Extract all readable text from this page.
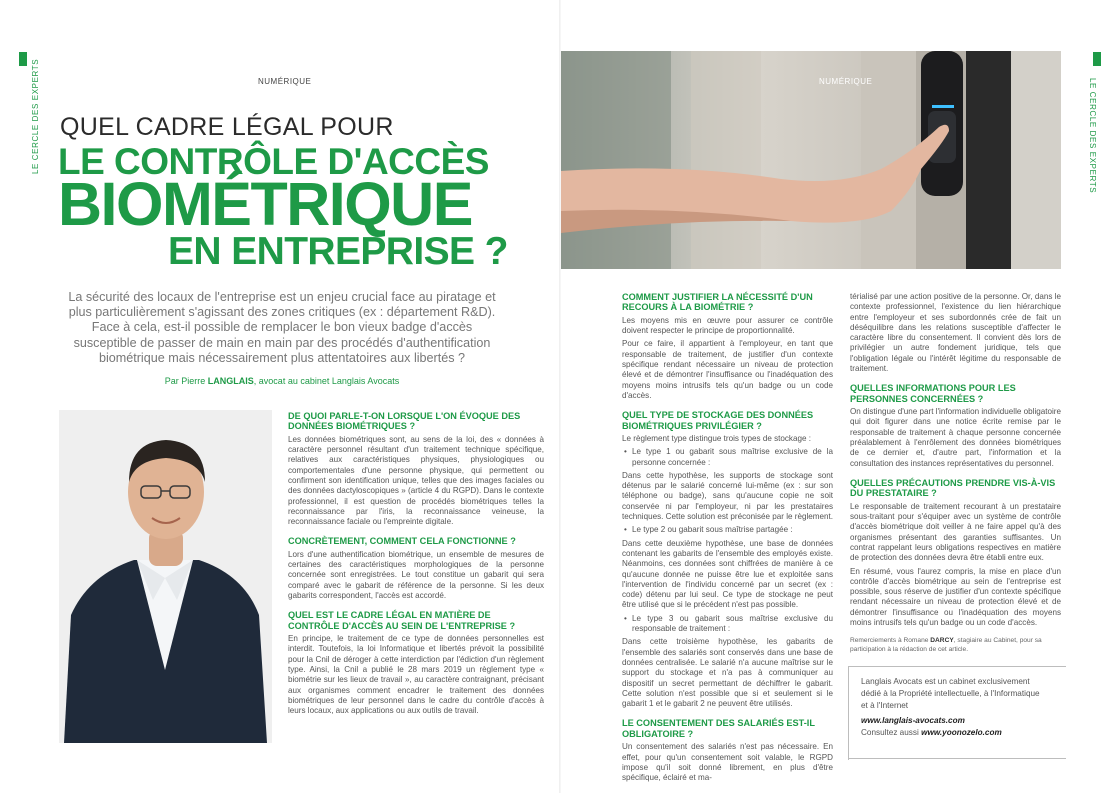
LE CERCLE DES EXPERTS	NUMÉRIQUE	LE CERCLE DES EXPERTS
QUEL CADRE LÉGAL POUR
LE CONTRÔLE D'ACCÈS
BIOMÉTRIQUE
EN ENTREPRISE ?
La sécurité des locaux de l'entreprise est un enjeu crucial face au piratage et plus particulièrement s'agissant des zones critiques (ex : département R&D).
Face à cela, est-il possible de remplacer le bon vieux badge d'accès susceptible de passer de main en main par des procédés d'authentification biométrique mais nécessairement plus attentatoires aux libertés ?
Par Pierre LANGLAIS, avocat au cabinet Langlais Avocats
NUMÉRIQUE
DE QUOI PARLE-T-ON LORSQUE L'ON ÉVOQUE DES DONNÉES BIOMÉTRIQUES ?

Les données biométriques sont, au sens de la loi, des « données à caractère personnel résultant d'un traitement technique spécifique, relatives aux caractéristiques physiques, physiologiques ou comportementales d'une personne physique, qui permettent ou confirment son identification unique, telles que des images faciales ou des données dactyloscopiques » (article 4 du RGPD). Dans le contexte professionnel, il est question de procédés biométriques telles la reconnaissance par l'iris, la reconnaissance veineuse, la reconnaissance faciale ou l'empreinte digitale.

CONCRÈTEMENT, COMMENT CELA FONCTIONNE ?

Lors d'une authentification biométrique, un ensemble de mesures de certaines des caractéristiques morphologiques de la personne concernée sont enregistrées. Le tout constitue un gabarit qui sera comparé avec le gabarit de référence de la personne. Si les deux gabarits correspondent, l'accès est accordé.

QUEL EST LE CADRE LÉGAL EN MATIÈRE DE CONTRÔLE D'ACCÈS AU SEIN DE L'ENTREPRISE ?

En principe, le traitement de ce type de données personnelles est interdit. Toutefois, la loi Informatique et libertés prévoit la possibilité pour la Cnil de déroger à cette interdiction par l'édiction d'un règlement type. Ainsi, la Cnil a publié le 28 mars 2019 un règlement type « biométrie sur les lieux de travail », au caractère contraignant, précisant aux organismes comment encadrer le traitement des données biométriques de leur personnel dans le cadre du contrôle d'accès à leurs locaux, aux applications ou aux outils de travail.

COMMENT JUSTIFIER LA NÉCESSITÉ D'UN RECOURS À LA BIOMÉTRIE ?

Les moyens mis en œuvre pour assurer ce contrôle doivent respecter le principe de proportionnalité.

Pour ce faire, il appartient à l'employeur, en tant que responsable de traitement, de justifier d'un contexte spécifique rendant nécessaire un niveau de protection élevé et de démontrer l'insuffisance ou l'inadéquation des moyens moins intrusifs tels qu'un badge ou un code d'accès.

QUEL TYPE DE STOCKAGE DES DONNÉES BIOMÉTRIQUES PRIVILÉGIER ?

Le règlement type distingue trois types de stockage :

• Le type 1 ou gabarit sous maîtrise exclusive de la personne concernée :

Dans cette hypothèse, les supports de stockage sont détenus par le salarié concerné lui-même (ex : sur son téléphone ou badge), sans qu'aucune copie ne soit conservée ni par l'employeur, ni par les prestataires techniques. Cette solution est préconisée par le règlement.

• Le type 2 ou gabarit sous maîtrise partagée :

Dans cette deuxième hypothèse, une base de données contenant les gabarits de l'ensemble des employés existe. Néanmoins, ces données sont chiffrées de manière à ce qu'aucune donnée ne puisse être lue et exploitée sans l'intervention de l'individu concerné par un secret (ex : code) détenu par lui seul. Ce type de stockage ne peut être utilisé que si le précédent n'est pas possible.

• Le type 3 ou gabarit sous maîtrise exclusive du responsable de traitement :

Dans cette troisième hypothèse, les gabarits de l'ensemble des salariés sont conservés dans une base de données centralisée. Le salarié n'a aucune maîtrise sur le support du stockage et n'a pas à communiquer au dispositif un secret permettant de déchiffrer le gabarit. Cette solution n'est possible que si et seulement si le gabarit 1 et le gabarit 2 ne peuvent être utilisés.

LE CONSENTEMENT DES SALARIÉS EST-IL OBLIGATOIRE ?

Un consentement des salariés n'est pas nécessaire. En effet, pour qu'un consentement soit valable, le RGPD impose qu'il soit donné librement, en plus d'être spécifique, éclairé et ma-

térialisé par une action positive de la personne. Or, dans le contexte professionnel, l'existence du lien hiérarchique entre l'employeur et ses subordonnés crée de fait un déséquilibre dans les relations susceptible d'affecter le caractère libre du consentement. Il convient dès lors de privilégier un autre fondement juridique, tels que l'obligation légale ou l'intérêt légitime du responsable de traitement.

QUELLES INFORMATIONS POUR LES PERSONNES CONCERNÉES ?

On distingue d'une part l'information individuelle obligatoire qui doit figurer dans une notice écrite remise par le responsable de traitement à chaque personne concernée préalablement à l'enrôlement des données biométriques de ce dernier et, d'autre part, l'information et la consultation des instances représentatives du personnel.

QUELLES PRÉCAUTIONS PRENDRE VIS-À-VIS DU PRESTATAIRE ?

Le responsable de traitement recourant à un prestataire sous-traitant pour s'équiper avec un système de contrôle d'accès biométrique doit veiller à ne faire appel qu'à des organismes présentant des garanties suffisantes. Un contrat rappelant leurs obligations respectives en matière de protection des données devra être établi entre eux.

En résumé, vous l'aurez compris, la mise en place d'un contrôle d'accès biométrique au sein de l'entreprise est possible, sous réserve de justifier d'un contexte spécifique rendant nécessaire un niveau de protection élevé et de démontrer l'insuffisance ou l'inadéquation des moyens moins intrusifs tels qu'un badge ou un code d'accès.

Remerciements à Romane DARCY, stagiaire au Cabinet, pour sa participation à la rédaction de cet article.

Langlais Avocats est un cabinet exclusivement
dédié à la Propriété intellectuelle, à l'Informatique
et à l'Internet
www.langlais-avocats.com
Consultez aussi www.yoonozelo.com
